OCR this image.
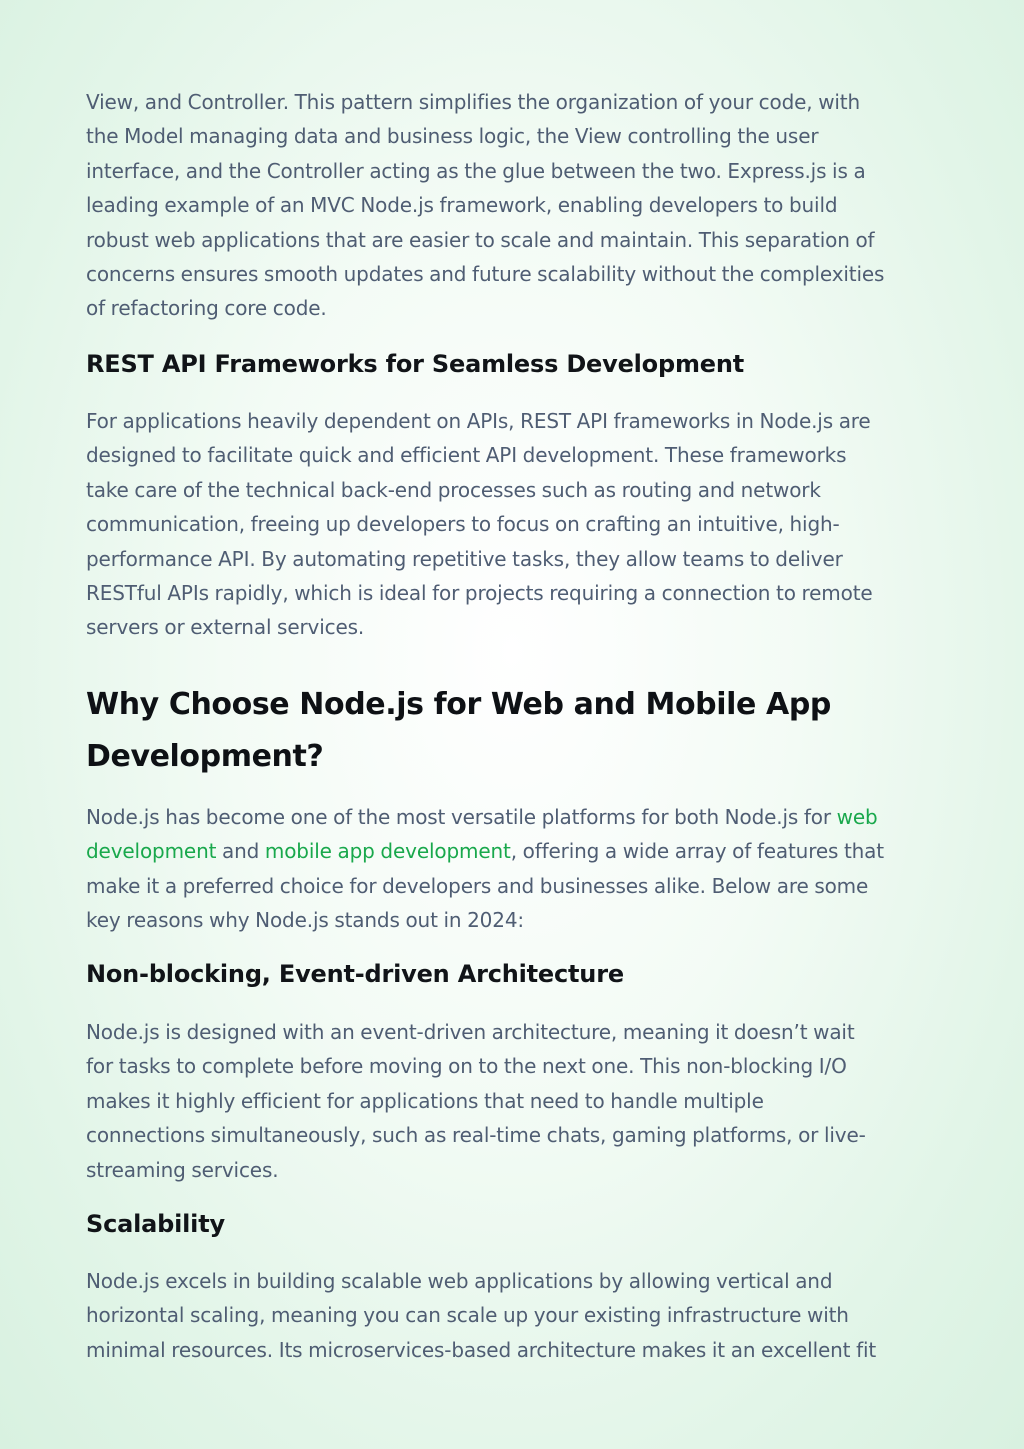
View, and Controller. This pattern simplifies the organization of your code, with
the Model managing data and business logic, the View controlling the user
interface, and the Controller acting as the glue between the two. Express.js is a
leading example of an MVC Node.js framework, enabling developers to build
robust web applications that are easier to scale and maintain. This separation of
concerns ensures smooth updates and future scalability without the complexities
of refactoring core code.

REST API Frameworks for Seamless Development

For applications heavily dependent on APIs, REST API frameworks in Node.js are
designed to facilitate quick and efficient API development. These frameworks
take care of the technical back-end processes such as routing and network
communication, freeing up developers to focus on crafting an intuitive, high-
performance API. By automating repetitive tasks, they allow teams to deliver
RESTful APIs rapidly, which is ideal for projects requiring a connection to remote
servers or external services.

Why Choose Node.js for Web and Mobile App
Development?

Node.js has become one of the most versatile platforms for both Node.js for web
development and mobile app development, offering a wide array of features that
make it a preferred choice for developers and businesses alike. Below are some
key reasons why Node.js stands out in 2024:

Non-blocking, Event-driven Architecture

Node.js is designed with an event-driven architecture, meaning it doesn’t wait
for tasks to complete before moving on to the next one. This non-blocking I/O
makes it highly efficient for applications that need to handle multiple
connections simultaneously, such as real-time chats, gaming platforms, or live-
streaming services.

Scalability

Node.js excels in building scalable web applications by allowing vertical and
horizontal scaling, meaning you can scale up your existing infrastructure with
minimal resources. Its microservices-based architecture makes it an excellent fit
